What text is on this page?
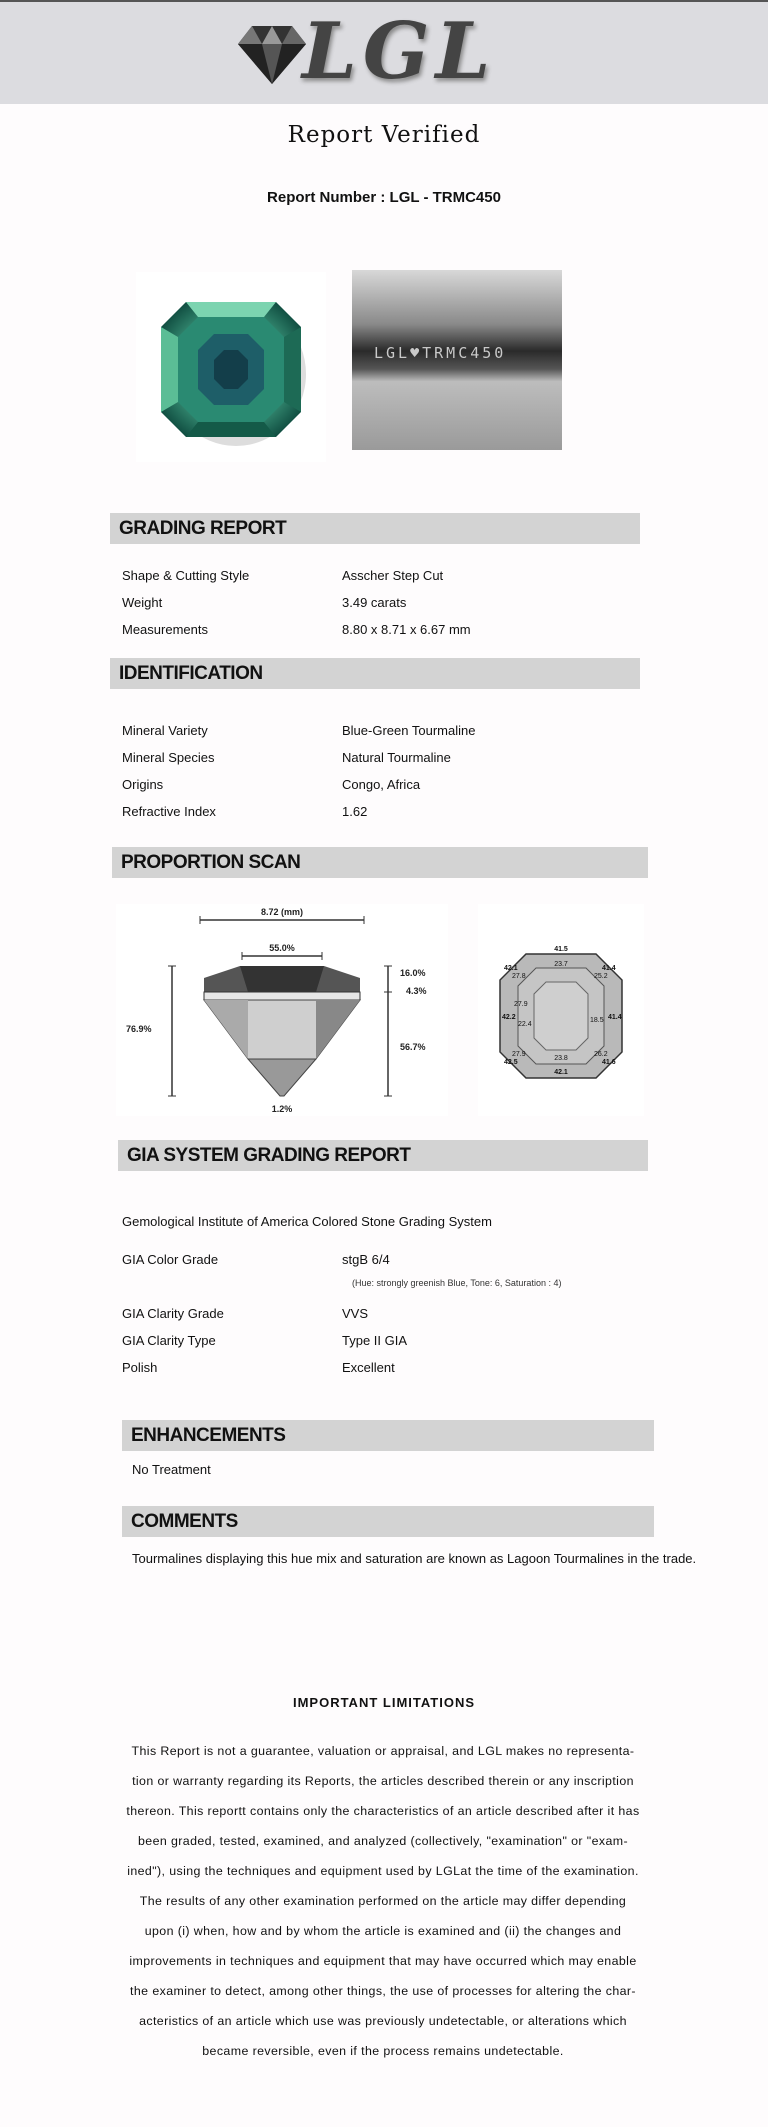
LGL
Report Verified
Report Number : LGL - TRMC450
LGL♥TRMC450
GRADING REPORT
Shape & Cutting Style	Asscher Step Cut
Weight	3.49 carats
Measurements	8.80 x 8.71 x 6.67 mm
IDENTIFICATION
Mineral Variety	Blue-Green Tourmaline
Mineral Species	Natural Tourmaline
Origins	Congo, Africa
Refractive Index	1.62
PROPORTION SCAN
8.72 (mm)
55.0%
76.9%
16.0%
4.3%
56.7%
1.2%
41.5
23.7
23.8
42.1
42.2	41.4
42.1	41.4
42.5	41.6
27.8	25.2
27.9	26.2
27.9
22.4
18.5
GIA SYSTEM GRADING REPORT
Gemological Institute of America Colored Stone Grading System
GIA Color Grade	stgB 6/4
(Hue: strongly greenish Blue, Tone: 6, Saturation : 4)
GIA Clarity Grade	VVS
GIA Clarity Type	Type II GIA
Polish	Excellent
ENHANCEMENTS
No Treatment
COMMENTS
Tourmalines displaying this hue mix and saturation are known as Lagoon Tourmalines in the trade.
IMPORTANT LIMITATIONS
This Report is not a guarantee, valuation or appraisal, and LGL makes no representa-
tion or warranty regarding its Reports, the articles described therein or any inscription
thereon. This reportt contains only the characteristics of an article described after it has
been graded, tested, examined, and analyzed (collectively, "examination" or "exam-
ined"), using the techniques and equipment used by LGLat the time of the examination.
The results of any other examination performed on the article may differ depending
upon (i) when, how and by whom the article is examined and (ii) the changes and
improvements in techniques and equipment that may have occurred which may enable
the examiner to detect, among other things, the use of processes for altering the char-
acteristics of an article which use was previously undetectable, or alterations which
became reversible, even if the process remains undetectable.
